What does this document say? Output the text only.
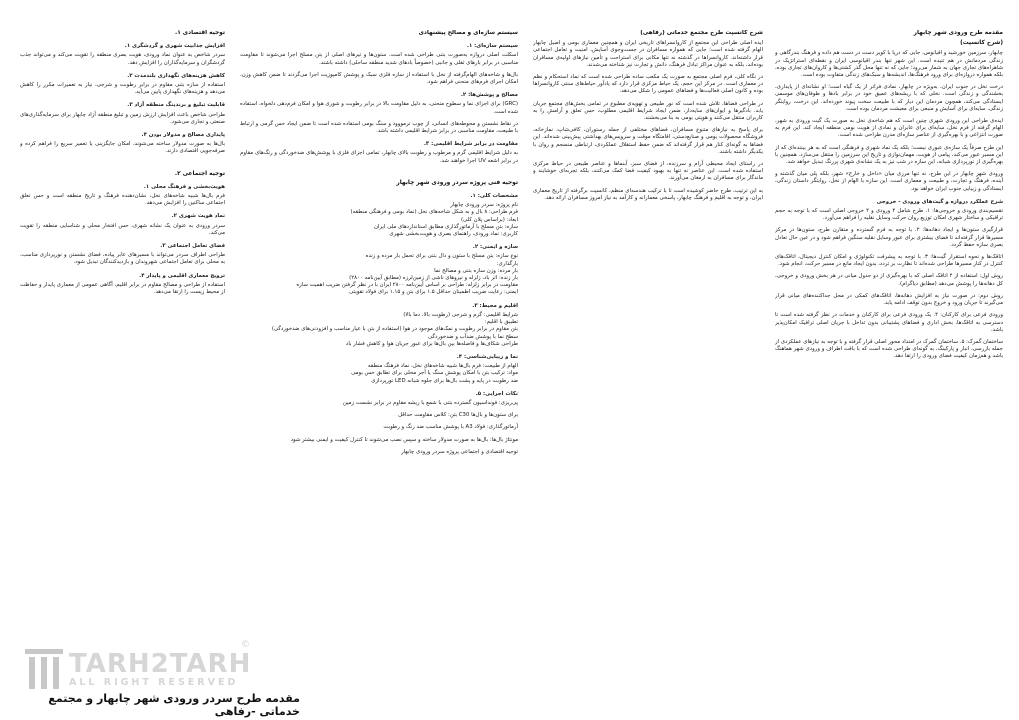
مقدمه طرح ورودی شهر چابهار
(شرح کانسپت)

چابهار، سرزمین خورشید و اقیانوس، جایی که دریا با کویر دست در دست هم داده و فرهنگ بندرگاهی و زندگی مردمانش در هم تنیده است. این شهر تنها بندر اقیانوسی ایران و نقطه‌ای استراتژیک در شاهراه‌های تجاری جهان به شمار می‌رود؛ جایی که نه تنها محل گذر کشتی‌ها و کاروان‌های تجاری بوده، بلکه همواره دروازه‌ای برای ورود فرهنگ‌ها، اندیشه‌ها و سبک‌های زندگی متفاوت بوده است.

درخت نخل در جنوب ایران، به‌ویژه در چابهار، نمادی فراتر از یک گیاه است؛ او نشانه‌ای از پایداری، بخشندگی و زندگی است. نخلی که با ریشه‌های عمیق خود در برابر بادها و طوفان‌های موسمی ایستادگی می‌کند، همچون مردمان این دیار که با طبیعت سخت پیوند خورده‌اند. این درخت، روایتگر زندگی، سایه‌ای برای آسایش و منبعی برای معیشت مردمان بوده است.

ایده‌ی طراحی این ورودی شهری چنین است که هم شاخه‌ی نخل به صورت یک گیت ورودی به شهر، الهام گرفته از فرم نخل، سایه‌ای برای عابران و نمادی از هویت بومی منطقه ایجاد کند. این فرم به صورت انتزاعی و با بهره‌گیری از عناصر سازه‌ای مدرن طراحی شده است.

این طرح صرفاً یک سازه‌ی عبوری نیست؛ بلکه یک نماد شهری و فرهنگی است که به هر بیننده‌ای که از این مسیر عبور می‌کند، پیامی از هویت، مهمان‌نوازی و تاریخ این سرزمین را منتقل می‌سازد. همچنین با بهره‌گیری از نورپردازی شبانه، این سازه در شب نیز به یک نشانه‌ی شهری پررنگ تبدیل خواهد شد.

ورودی شهر چابهار در این طرح، نه تنها مرزی میان «داخل و خارج» شهر، بلکه پلی میان گذشته و آینده، فرهنگ و تجارت، و طبیعت و معماری است. این سازه با الهام از نخل، روایتگر داستان زندگی، ایستادگی و زیبایی جنوب ایران خواهد بود.

شرح عملکرد دروازه و گیت‌های ورودی - خروجی

تقسیم‌بندی ورودی و خروجی‌ها: ۱. طرح شامل ۴ ورودی و ۴ خروجی اصلی است که با توجه به حجم ترافیکی و ساختار شهری امکان توزیع روان حرکت وسایل نقلیه را فراهم می‌آورد.

قرارگیری ستون‌ها و ایجاد دهانه‌ها: ۲. با توجه به فرم گسترده و متقارن طرح، ستون‌ها در مرکز مسیرها قرار گرفته‌اند تا فضای بیشتری برای عبور وسایل نقلیه سنگین فراهم شود و در عین حال تعادل بصری سازه حفظ گردد.

اتاقک‌ها و نحوه استقرار گیت‌ها: ۳. با توجه به پیشرفت تکنولوژی و امکان کنترل دیجیتال، اتاقک‌های کنترل در کنار مسیرها طراحی شده‌اند تا نظارت بر تردد، بدون ایجاد مانع در مسیر حرکت، انجام شود.

روش اول: استفاده از ۴ اتاقک اصلی که با بهره‌گیری از دو جدول میانی در هر بخش ورودی و خروجی، کل دهانه‌ها را پوشش می‌دهد (مطابق دیاگرام).

روش دوم: در صورت نیاز به افزایش دهانه‌ها، اتاقک‌های کمکی در محل جداکننده‌های میانی قرار می‌گیرند تا جریان ورود و خروج بدون توقف ادامه یابد.

ورودی فرعی برای کارکنان: ۴. یک ورودی فرعی برای کارکنان و خدمات در نظر گرفته شده است تا دسترسی به اتاقک‌ها، بخش اداری و فضاهای پشتیبانی بدون تداخل با جریان اصلی ترافیک امکان‌پذیر باشد.

ساختمان گمرک: ۵. ساختمان گمرک در امتداد محور اصلی قرار گرفته و با توجه به نیازهای عملکردی از جمله بازرسی، انبار و پارکینگ، به گونه‌ای طراحی شده است که با بافت اطراف و ورودی شهر هماهنگ باشد و هم‌زمان کیفیت فضای ورودی را ارتقا دهد.

شرح کانسپت طرح مجتمع خدماتی (رفاهی)

ایده اصلی طراحی این مجتمع از کاروانسراهای تاریخی ایران و همچنین معماری بومی و اصیل چابهار الهام گرفته شده است؛ جایی که همواره مسافران در جست‌وجوی آسایش، امنیت و تعامل اجتماعی قرار داشته‌اند. کاروانسراها در گذشته نه تنها مکانی برای استراحت و تأمین نیازهای اولیه‌ی مسافران بوده‌اند، بلکه به عنوان مراکز تبادل فرهنگ، دانش و تجارت نیز شناخته می‌شدند.

در نگاه کلی، فرم اصلی مجتمع به صورت یک مکعب ساده طراحی شده است که نماد استحکام و نظم در معماری است. در مرکز این حجم، یک حیاط مرکزی قرار دارد که یادآور حیاط‌های سنتی کاروانسراها بوده و کانون اصلی فعالیت‌ها و فضاهای عمومی را شکل می‌دهد.

در طراحی فضاها، تلاش شده است که نور طبیعی و تهویه‌ی مطبوع در تمامی بخش‌های مجتمع جریان یابد. بادگیرها و ایوان‌های سایه‌دار، ضمن ایجاد شرایط اقلیمی مطلوب، حس تعلق و آرامش را به کاربران منتقل می‌کنند و هویتی بومی به بنا می‌بخشند.

برای پاسخ به نیازهای متنوع مسافران، فضاهای مختلفی از جمله رستوران، کافی‌شاپ، نمازخانه، فروشگاه محصولات بومی و صنایع‌دستی، اقامتگاه موقت و سرویس‌های بهداشتی پیش‌بینی شده‌اند. این فضاها به گونه‌ای کنار هم قرار گرفته‌اند که ضمن حفظ استقلال عملکردی، ارتباطی منسجم و روان با یکدیگر داشته باشند.

در راستای ایجاد محیطی آرام و سرزنده، از فضای سبز، آبنماها و عناصر طبیعی در حیاط مرکزی استفاده شده است. این عناصر نه تنها به بهبود کیفیت فضا کمک می‌کنند، بلکه تجربه‌ای خوشایند و ماندگار برای مسافران به ارمغان می‌آورند.

به این ترتیب، طرح حاضر کوشیده است تا با ترکیب هندسه‌ای منظم، کانسپت برگرفته از تاریخ معماری ایران، و توجه به اقلیم و فرهنگ چابهار، پاسخی معمارانه و کارآمد به نیاز امروز مسافران ارائه دهد.

سیستم سازه‌ای و مصالح پیشنهادی
سیستم سازه‌ای: ۱.

اسکلت اصلی دروازه به‌صورت بتنی طراحی شده است. ستون‌ها و تیرهای اصلی از بتن مسلح اجرا می‌شوند تا مقاومت مناسبی در برابر بارهای ثقلی و جانبی (خصوصاً بادهای شدید منطقه ساحلی) داشته باشند.

بال‌ها و شاخه‌های الهام‌گرفته از نخل با استفاده از سازه فلزی سبک و پوشش کامپوزیت اجرا می‌گردند تا ضمن کاهش وزن، امکان اجرای فرم‌های منحنی فراهم شود.

مصالح و پوشش‌ها: ۲.

(GRC) برای اجزای نما و سطوح منحنی، به دلیل مقاومت بالا در برابر رطوبت و شوری هوا و امکان فرم‌دهی دلخواه، استفاده شده است.

در نقاط نشستن و محوطه‌های انسانی، از چوب ترمووود و سنگ بومی استفاده شده است تا ضمن ایجاد حس گرمی و ارتباط با طبیعت، مقاومت مناسبی در برابر شرایط اقلیمی داشته باشد.

مقاومت در برابر شرایط اقلیمی: ۳.

به دلیل شرایط اقلیمی گرم و مرطوب و رطوبت بالای چابهار، تمامی اجزای فلزی با پوشش‌های ضدخوردگی و رنگ‌های مقاوم در برابر اشعه UV اجرا خواهند شد.

توجیه فنی پروژه سردر ورودی شهر چابهار
مشخصات کلی: ۱.

نام پروژه: سردر ورودی چابهار

فرم طراحی: ۸ بال و به شکل شاخه‌های نخل (نماد بومی و فرهنگی منطقه)

ابعاد: (براساس پلان کلی)

سازه: بتن مسلح با آرماتورگذاری مطابق استانداردهای ملی ایران

کاربری: نماد ورودی، راهنمای بصری و هویت‌بخشی شهری

سازه و ایمنی: ۲.

نوع سازه: بتن مسلح با ستون و دال بتنی برای تحمل بار مرده و زنده

بارگذاری:

بار مرده: وزن سازه بتنی و مصالح نما

بار زنده: اثر باد، زلزله و نیروهای ناشی از زمین‌لرزه (مطابق آیین‌نامه ۲۸۰۰)

مقاومت در برابر زلزله: طراحی بر اساس آیین‌نامه ۲۸۰۰ ایران با در نظر گرفتن ضریب اهمیت سازه

ایمنی: رعایت ضریب اطمینان حداقل ۱.۵ برای بتن و ۱.۱۵ برای فولاد تقویتی

اقلیم و محیط: ۳.

شرایط اقلیمی: گرم و شرجی (رطوبت بالا، دما بالا)

تطبیق با اقلیم:

بتن مقاوم در برابر رطوبت و نمک‌های موجود در هوا (استفاده از بتن با عیار مناسب و افزودنی‌های ضدخوردگی)

سطح نما با پوشش ضدآب و ضدخوردگی

طراحی شکاف‌ها و فاصله‌ها بین بال‌ها برای عبور جریان هوا و کاهش فشار باد

نما و زیبایی‌شناسی: ۴.

الهام از طبیعت: فرم بال‌ها شبیه شاخه‌های نخل، نماد فرهنگ منطقه

مواد: ترکیب بتن با امکان پوشش سنگ یا آجر محلی برای تطابق حس بومی

ضد رطوبت در پایه و پشت بال‌ها برای جلوه شبانه LED نورپردازی

نکات اجرایی: ۵.

پی‌ریزی: فونداسیون گسترده بتنی با شمع یا ریشه مقاوم در برابر نشست زمین

برای ستون‌ها و بال‌ها C30 بتن: کلاس مقاومت حداقل

آرماتورگذاری: فولاد A3 با پوشش مناسب ضد زنگ و رطوبت

مونتاژ بال‌ها: بال‌ها به صورت مدولار ساخته و سپس نصب می‌شوند تا کنترل کیفیت و ایمنی بیشتر شود

توجیه اقتصادی و اجتماعی پروژه سردر ورودی چابهار

توجیه اقتصادی ۱.
افزایش جذابیت شهری و گردشگری ۱.

سردر شاخص به عنوان نماد ورودی، هویت بصری منطقه را تقویت می‌کند و می‌تواند جذب گردشگران و سرمایه‌گذاران را افزایش دهد.

کاهش هزینه‌های نگهداری بلندمدت ۲.

استفاده از سازه بتنی مقاوم در برابر رطوبت و شرجی، نیاز به تعمیرات مکرر را کاهش می‌دهد و هزینه‌های نگهداری پایین می‌آید.

قابلیت تبلیغ و برندینگ منطقه آزاد ۳.

طراحی شاخص باعث افزایش ارزش زمین و تبلیغ منطقه آزاد چابهار برای سرمایه‌گذاری‌های صنعتی و تجاری می‌شود.

پایداری مصالح و مدولار بودن ۴.

بال‌ها به صورت مدولار ساخته می‌شوند، امکان جایگزینی یا تعمیر سریع را فراهم کرده و صرفه‌جویی اقتصادی دارند.

توجیه اجتماعی ۲.
هویت‌بخشی و فرهنگ محلی ۱.

فرم بال‌ها شبیه شاخه‌های نخل، نشان‌دهنده فرهنگ و تاریخ منطقه است و حس تعلق اجتماعی ساکنین را افزایش می‌دهد.

نماد هویت شهری ۲.

سردر ورودی به عنوان یک نشانه شهری، حس افتخار محلی و شناسایی منطقه را تقویت می‌کند.

فضای تعامل اجتماعی ۳.

طراحی اطراف سردر می‌تواند با مسیرهای عابر پیاده، فضای نشستن و نورپردازی مناسب، به محلی برای تعامل اجتماعی شهروندان و بازدیدکنندگان تبدیل شود.

ترویج معماری اقلیمی و پایدار ۴.

استفاده از طراحی و مصالح مقاوم در برابر اقلیم، آگاهی عمومی از معماری پایدار و حفاظت از محیط زیست را ارتقا می‌دهد.

TARH2TARH
ALL RIGHT RESERVED
©
مقدمه طرح سردر ورودی شهر چابهار و مجتمع خدماتی -رفاهی
